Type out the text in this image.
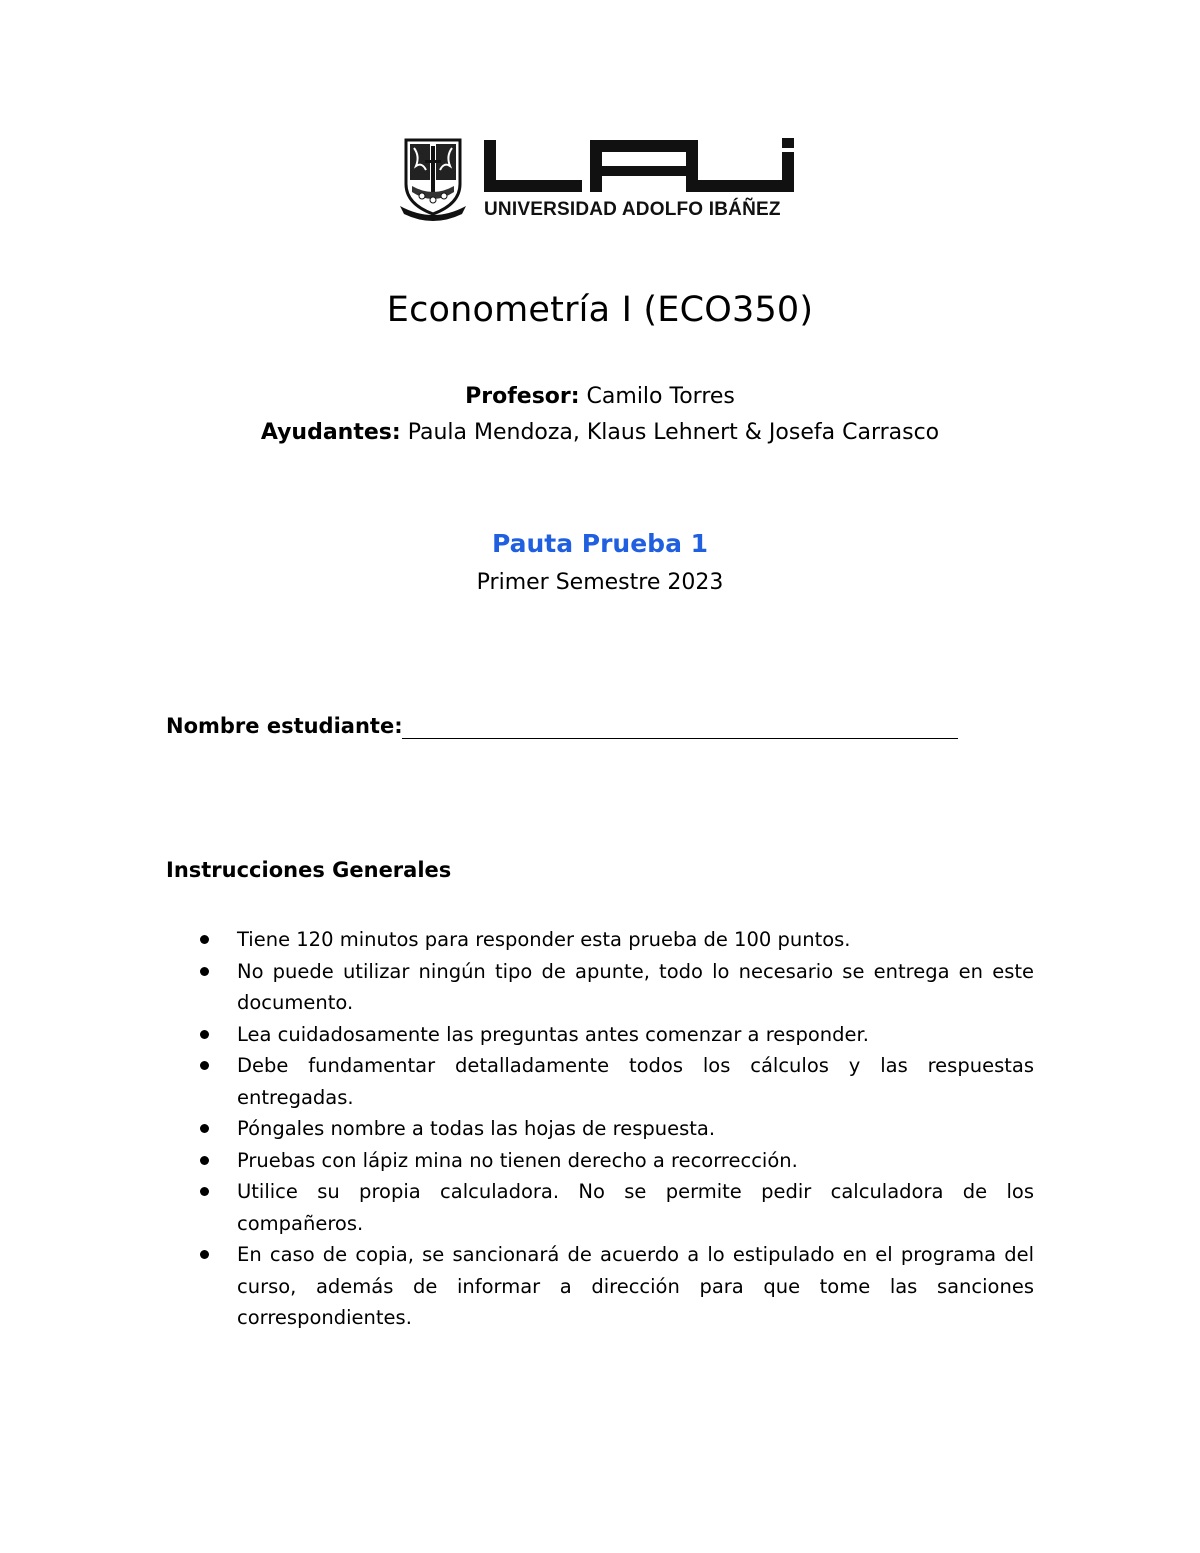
UNIVERSIDAD ADOLFO IBÁÑEZ
Econometría I (ECO350)
Profesor: Camilo Torres
Ayudantes: Paula Mendoza, Klaus Lehnert & Josefa Carrasco
Pauta Prueba 1
Primer Semestre 2023
Nombre estudiante:
Instrucciones Generales
Tiene 120 minutos para responder esta prueba de 100 puntos.
No puede utilizar ningún tipo de apunte, todo lo necesario se entrega en este documento.
Lea cuidadosamente las preguntas antes comenzar a responder.
Debe fundamentar detalladamente todos los cálculos y las respuestas entregadas.
Póngales nombre a todas las hojas de respuesta.
Pruebas con lápiz mina no tienen derecho a recorrección.
Utilice su propia calculadora. No se permite pedir calculadora de los compañeros.
En caso de copia, se sancionará de acuerdo a lo estipulado en el programa del curso, además de informar a dirección para que tome las sanciones correspondientes.
